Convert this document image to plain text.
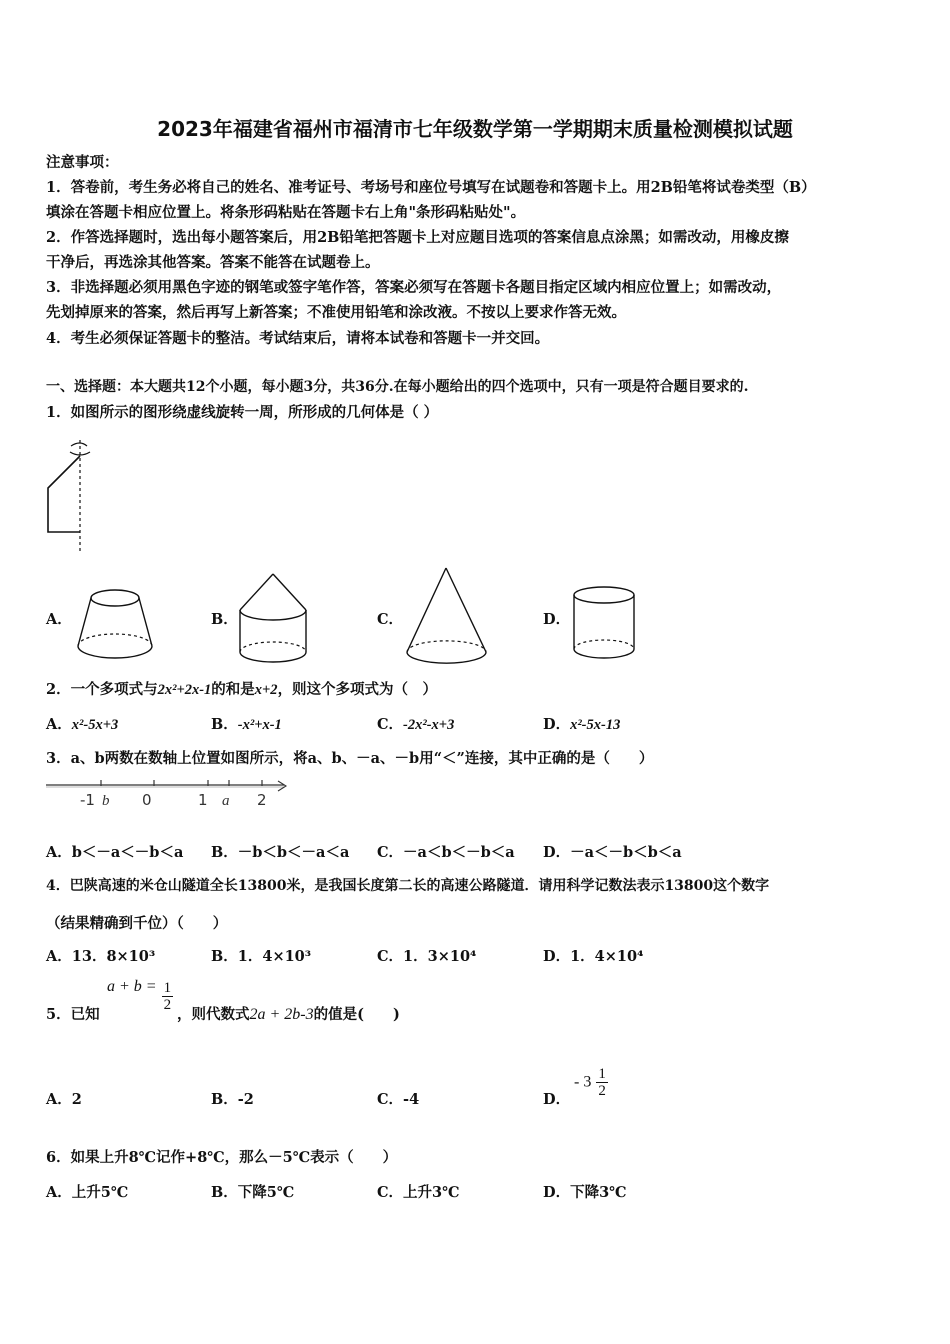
2023年福建省福州市福清市七年级数学第一学期期末质量检测模拟试题
注意事项：
1．答卷前，考生务必将自己的姓名、准考证号、考场号和座位号填写在试题卷和答题卡上。用2B铅笔将试卷类型（B）
填涂在答题卡相应位置上。将条形码粘贴在答题卡右上角"条形码粘贴处"。
2．作答选择题时，选出每小题答案后，用2B铅笔把答题卡上对应题目选项的答案信息点涂黑；如需改动，用橡皮擦
干净后，再选涂其他答案。答案不能答在试题卷上。
3．非选择题必须用黑色字迹的钢笔或签字笔作答，答案必须写在答题卡各题目指定区域内相应位置上；如需改动，
先划掉原来的答案，然后再写上新答案；不准使用铅笔和涂改液。不按以上要求作答无效。
4．考生必须保证答题卡的整洁。考试结束后，请将本试卷和答题卡一并交回。
一、选择题：本大题共12个小题，每小题3分，共36分.在每小题给出的四个选项中，只有一项是符合题目要求的.
1．如图所示的图形绕虚线旋转一周，所形成的几何体是（ ）
A．	B．	C．	D．
2．一个多项式与2x²+2x-1的和是x+2，则这个多项式为（　）
A．x²-5x+3	B．-x²+x-1	C．-2x²-x+3	D．x²-5x-13
3．a、b两数在数轴上位置如图所示，将a、b、－a、－b用“＜”连接，其中正确的是（　　）
-1 b 0	1 a 2
A．b＜－a＜－b＜a B．－b＜b＜－a＜a C．－a＜b＜－b＜a D．－a＜－b＜b＜a
4．巴陕高速的米仓山隧道全长13800米，是我国长度第二长的高速公路隧道．请用科学记数法表示13800这个数字
（结果精确到千位）（　　）
A．13．8×10³	B．1．4×10³	C．1．3×10⁴	D．1．4×10⁴
5．已知
$a + b = \frac{1}{2}$
，则代数式2a + 2b-3的值是(　　)
A．2	B．-2	C．-4	D．
- $3 \frac{1}{2}$
6．如果上升8℃记作+8℃，那么－5℃表示（　　）
A．上升5℃	B．下降5℃	C．上升3℃	D．下降3℃
